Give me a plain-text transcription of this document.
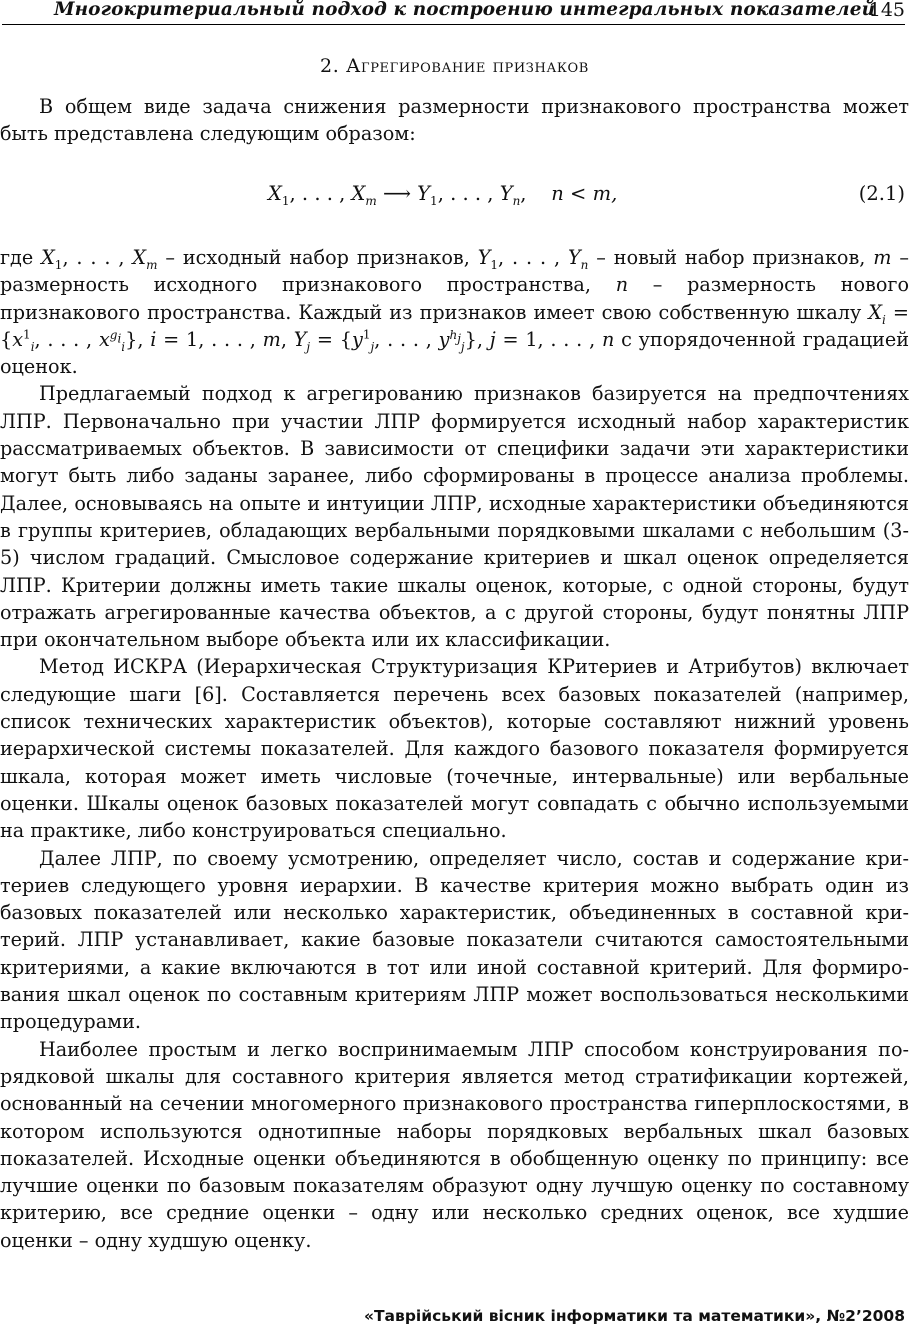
Многокритериальный подход к построению интегральных показателей
145
2. Агрегирование признаков

В общем виде задача снижения размерности признакового пространства может быть представлена следующим образом:

$X_1$, . . . , $X_m$ ⟶ $Y_1$, . . . , $Y_n$,    n < m,	(2.1)

где $X_1$, . . . , $X_m$ – исходный набор признаков, $Y_1$, . . . , $Y_n$ – новый набор признаков, m – размерность исходного признакового пространства, n – размерность нового признакового пространства. Каждый из признаков имеет свою собственную шкалу $X_i = \{x^1_i$, . . . , $x^{g_i}_i$}, i = 1, . . . , m, $Y_j = \{y^1_j$, . . . , $y^{h_j}_j$}, j = 1, . . . , n с упорядоченной градацией оценок.

Предлагаемый подход к агрегированию признаков базируется на предпочтениях ЛПР. Первоначально при участии ЛПР формируется исходный набор характеристик рассматриваемых объектов. В зависимости от специфики задачи эти характеристики могут быть либо заданы заранее, либо сформированы в процессе анализа проблемы. Далее, основываясь на опыте и интуиции ЛПР, исходные характеристики объединяются в группы критериев, обладающих вербальными порядковыми шкалами с небольшим (3-5) числом градаций. Смысловое содержание критериев и шкал оценок определяется ЛПР. Критерии должны иметь такие шкалы оценок, которые, с одной стороны, будут отражать агрегированные качества объектов, а с другой стороны, будут понятны ЛПР при окончательном выборе объекта или их классификации.

Метод ИСКРА (Иерархическая Структуризация КРитериев и Атрибутов) включает следующие шаги [6]. Составляется перечень всех базовых показателей (например, список технических характеристик объектов), которые составляют нижний уровень иерархической системы показателей. Для каждого базового показателя формируется шкала, которая может иметь числовые (точечные, интервальные) или вербальные оценки. Шкалы оценок базовых показателей могут совпадать с обычно используемыми на практике, либо конструироваться специально.

Далее ЛПР, по своему усмотрению, определяет число, состав и содержание критериев следующего уровня иерархии. В качестве критерия можно выбрать один из базовых показателей или несколько характеристик, объединенных в составной критерий. ЛПР устанавливает, какие базовые показатели считаются самостоятельными критериями, а какие включаются в тот или иной составной критерий. Для формирования шкал оценок по составным критериям ЛПР может воспользоваться несколькими процедурами.

Наиболее простым и легко воспринимаемым ЛПР способом конструирования порядковой шкалы для составного критерия является метод стратификации кортежей, основанный на сечении многомерного признакового пространства гиперплоскостями, в котором используются однотипные наборы порядковых вербальных шкал базовых показателей. Исходные оценки объединяются в обобщенную оценку по принципу: все лучшие оценки по базовым показателям образуют одну лучшую оценку по составному критерию, все средние оценки – одну или несколько средних оценок, все худшие оценки – одну худшую оценку.

«Таврійський вісник інформатики та математики», №2’2008
